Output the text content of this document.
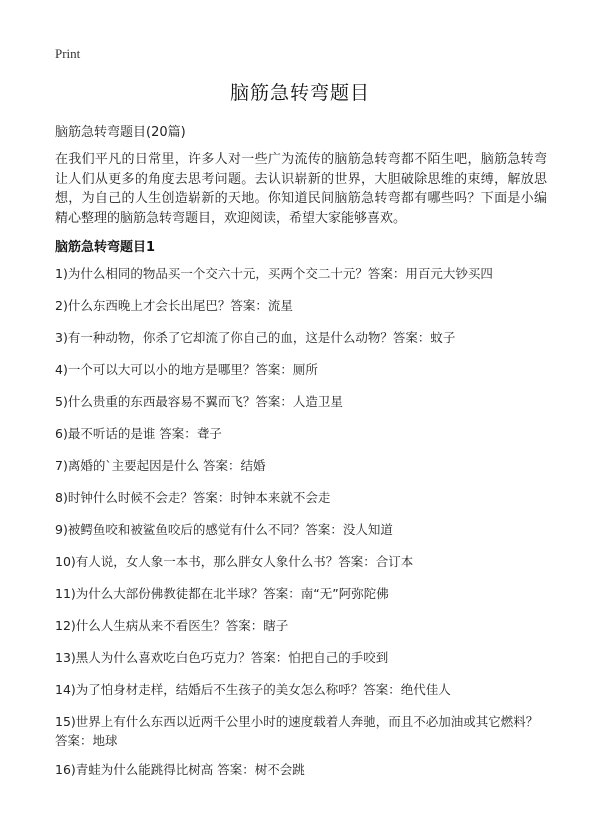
Print
脑筋急转弯题目
脑筋急转弯题目(20篇)

在我们平凡的日常里，许多人对一些广为流传的脑筋急转弯都不陌生吧，脑筋急转弯让人们从更多的角度去思考问题。去认识崭新的世界，大胆破除思维的束缚，解放思想，为自己的人生创造崭新的天地。你知道民间脑筋急转弯都有哪些吗？下面是小编精心整理的脑筋急转弯题目，欢迎阅读，希望大家能够喜欢。

脑筋急转弯题目1
1)为什么相同的物品买一个交六十元，买两个交二十元？答案：用百元大钞买四
2)什么东西晚上才会长出尾巴？答案：流星
3)有一种动物，你杀了它却流了你自己的血，这是什么动物？答案：蚊子
4)一个可以大可以小的地方是哪里？答案：厕所
5)什么贵重的东西最容易不翼而飞？答案：人造卫星
6)最不听话的是谁 答案：聋子
7)离婚的`主要起因是什么 答案：结婚
8)时钟什么时候不会走？答案：时钟本来就不会走
9)被鳄鱼咬和被鲨鱼咬后的感觉有什么不同？答案：没人知道
10)有人说，女人象一本书，那么胖女人象什么书？答案：合订本
11)为什么大部份佛教徒都在北半球？答案：南“无”阿弥陀佛
12)什么人生病从来不看医生？答案：瞎子
13)黑人为什么喜欢吃白色巧克力？答案：怕把自己的手咬到
14)为了怕身材走样，结婚后不生孩子的美女怎么称呼？答案：绝代佳人
15)世界上有什么东西以近两千公里小时的速度载着人奔驰，而且不必加油或其它燃料？答案：地球
16)青蛙为什么能跳得比树高 答案：树不会跳
